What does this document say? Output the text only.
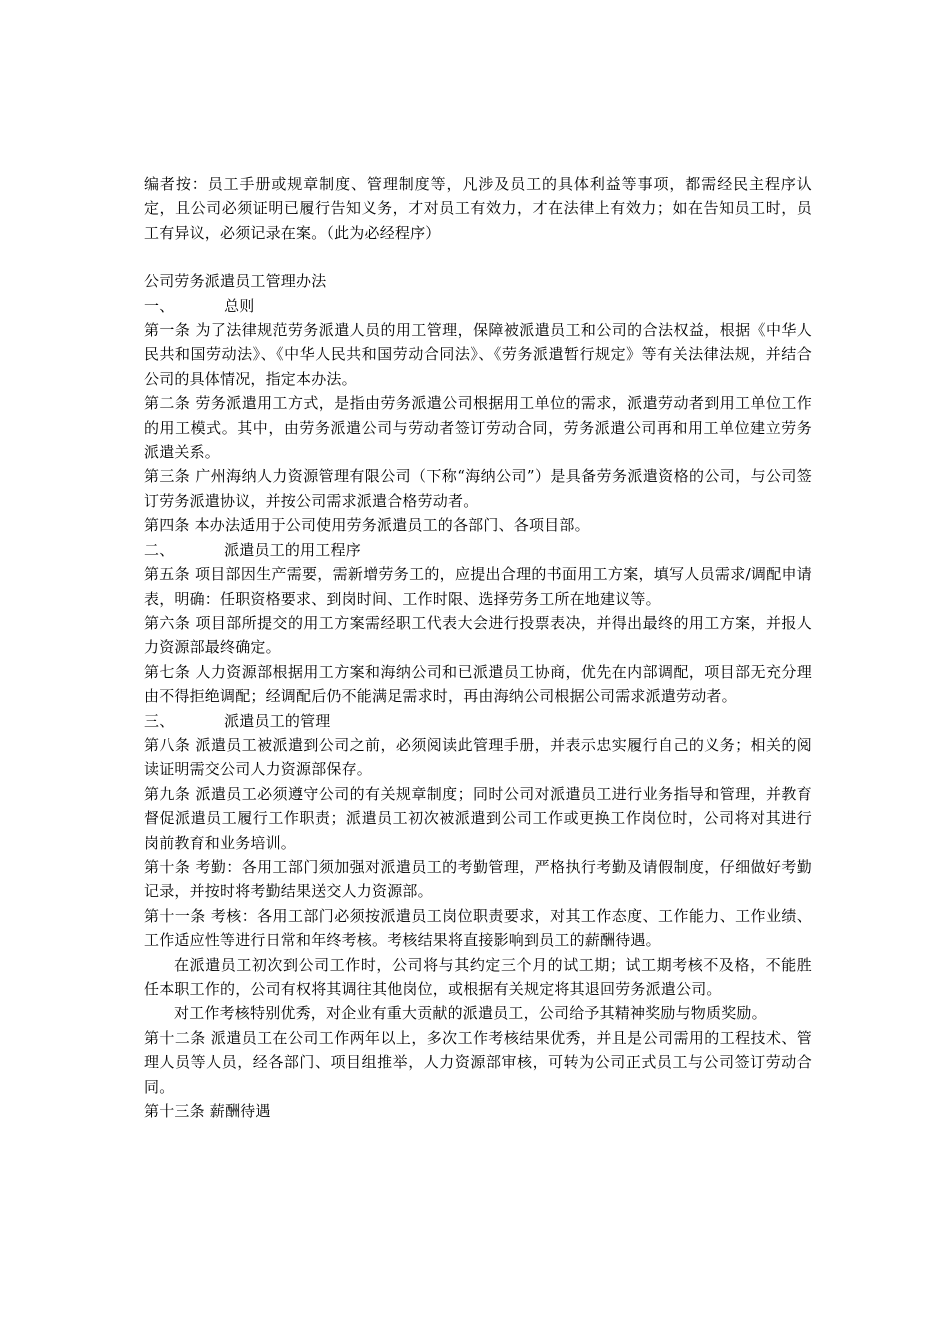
编者按：员工手册或规章制度、管理制度等，凡涉及员工的具体利益等事项，都需经民主程序认定，且公司必须证明已履行告知义务，才对员工有效力，才在法律上有效力；如在告知员工时，员工有异议，必须记录在案。（此为必经程序）

公司劳务派遣员工管理办法

一、	总则

第一条 为了法律规范劳务派遣人员的用工管理，保障被派遣员工和公司的合法权益，根据《中华人民共和国劳动法》、《中华人民共和国劳动合同法》、《劳务派遣暂行规定》等有关法律法规，并结合公司的具体情况，指定本办法。

第二条 劳务派遣用工方式，是指由劳务派遣公司根据用工单位的需求，派遣劳动者到用工单位工作的用工模式。其中，由劳务派遣公司与劳动者签订劳动合同，劳务派遣公司再和用工单位建立劳务派遣关系。

第三条 广州海纳人力资源管理有限公司（下称“海纳公司”）是具备劳务派遣资格的公司，与公司签订劳务派遣协议，并按公司需求派遣合格劳动者。

第四条 本办法适用于公司使用劳务派遣员工的各部门、各项目部。

二、	派遣员工的用工程序

第五条 项目部因生产需要，需新增劳务工的，应提出合理的书面用工方案，填写人员需求/调配申请表，明确：任职资格要求、到岗时间、工作时限、选择劳务工所在地建议等。

第六条 项目部所提交的用工方案需经职工代表大会进行投票表决，并得出最终的用工方案，并报人力资源部最终确定。

第七条 人力资源部根据用工方案和海纳公司和已派遣员工协商，优先在内部调配，项目部无充分理由不得拒绝调配；经调配后仍不能满足需求时，再由海纳公司根据公司需求派遣劳动者。

三、	派遣员工的管理

第八条 派遣员工被派遣到公司之前，必须阅读此管理手册，并表示忠实履行自己的义务；相关的阅读证明需交公司人力资源部保存。

第九条 派遣员工必须遵守公司的有关规章制度；同时公司对派遣员工进行业务指导和管理，并教育督促派遣员工履行工作职责；派遣员工初次被派遣到公司工作或更换工作岗位时，公司将对其进行岗前教育和业务培训。

第十条 考勤：各用工部门须加强对派遣员工的考勤管理，严格执行考勤及请假制度，仔细做好考勤记录，并按时将考勤结果送交人力资源部。

第十一条 考核：各用工部门必须按派遣员工岗位职责要求，对其工作态度、工作能力、工作业绩、工作适应性等进行日常和年终考核。考核结果将直接影响到员工的薪酬待遇。

在派遣员工初次到公司工作时，公司将与其约定三个月的试工期；试工期考核不及格，不能胜任本职工作的，公司有权将其调往其他岗位，或根据有关规定将其退回劳务派遣公司。

对工作考核特别优秀，对企业有重大贡献的派遣员工，公司给予其精神奖励与物质奖励。

第十二条 派遣员工在公司工作两年以上，多次工作考核结果优秀，并且是公司需用的工程技术、管理人员等人员，经各部门、项目组推举，人力资源部审核，可转为公司正式员工与公司签订劳动合同。

第十三条 薪酬待遇
